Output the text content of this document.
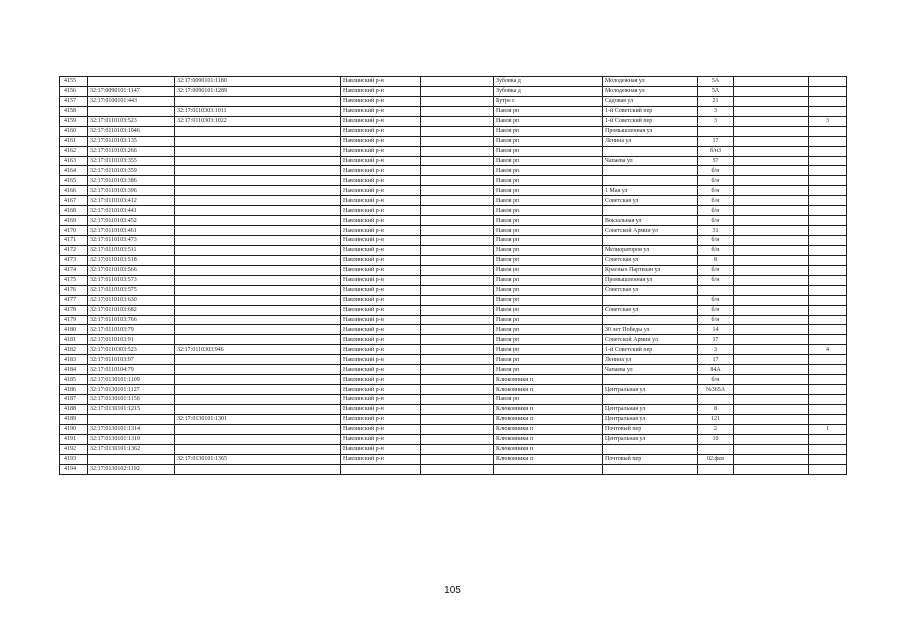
4155		32:17:0090101:1180	Навлинский р-н		Зубовка д	Молодежная ул	5А		
4156	32:17:0090101:1147	32:17:0090101:1289	Навлинский р-н		Зубовка д	Молодежная ул	5А		
4157	32:17:0100101:443		Навлинский р-н		Бутре с	Садовая ул	21		
4158		32:17:0110303:1011	Навлинский р-н		Навля рп	1-й Советский пер	3		
4159	32:17:0110103:523	32:17:0110303:1022	Навлинский р-н		Навля рп	1-й Советский пер	3		3
4160	32:17:0110103:1046		Навлинский р-н		Навля рп	Промышленная ул			
4161	32:17:0110103:135		Навлинский р-н		Навля рп	Ленина ул	17		
4162	32:17:0110103:266		Навлинский р-н		Навля рп		б/н3		
4163	32:17:0110103:355		Навлинский р-н		Навля рп	Чапаева ул	57		
4164	32:17:0110103:359		Навлинский р-н		Навля рп		б/н		
4165	32:17:0110103:386		Навлинский р-н		Навля рп		б/н		
4166	32:17:0110103:396		Навлинский р-н		Навля рп	1 Мая ул	б/н		
4167	32:17:0110103:412		Навлинский р-н		Навля рп	Советская ул	б/н		
4168	32:17:0110103:441		Навлинский р-н		Навля рп		б/н		
4169	32:17:0110103:452		Навлинский р-н		Навля рп	Вокзальная ул	б/н		
4170	32:17:0110103:461		Навлинский р-н		Навля рп	Советской Армии ул	31		
4171	32:17:0110103:473		Навлинский р-н		Навля рп		б/н		
4172	32:17:0110103:511		Навлинский р-н		Навля рп	Мелиораторов ул	б/н		
4173	32:17:0110103:518		Навлинский р-н		Навля рп	Советская ул	8		
4174	32:17:0110103:566		Навлинский р-н		Навля рп	Красных Партизан ул	б/н		
4175	32:17:0110103:573		Навлинский р-н		Навля рп	Промышленная ул	б/н		
4176	32:17:0110103:575		Навлинский р-н		Навля рп	Советская ул			
4177	32:17:0110103:630		Навлинский р-н		Навля рп		б/н		
4178	32:17:0110103:682		Навлинский р-н		Навля рп	Советская ул	б/н		
4179	32:17:0110103:766		Навлинский р-н		Навля рп		б/н		
4180	32:17:0110103:79		Навлинский р-н		Навля рп	30 лет Победы ул	14		
4181	32:17:0110103:91		Навлинский р-н		Навля рп	Советской Армии ул	17		
4182	32:17:0110303:523	32:17:0110303:946	Навлинский р-н		Навля рп	1-й Советский пер	3		4
4183	32:17:0110103:97		Навлинский р-н		Навля рп	Ленина ул	17		
4184	32:17:0110104:79		Навлинский р-н		Навля рп	Чапаева ул	84А		
4185	32:17:0130101:1109		Навлинский р-н		Клюковники п		б/н		
4186	32:17:0130101:1127		Навлинский р-н		Клюковники п	Центральная ул	№365А		
4187	32:17:0130101:1156		Навлинский р-н		Навля рп				
4188	32:17:0130101:1215		Навлинский р-н		Клюковники п	Центральная ул	8		
4189		32:17:0130101:1301	Навлинский р-н		Клюковники п	Центральная ул	121		
4190	32:17:0130101:1314		Навлинский р-н		Клюковники п	Почтовый пер	2		1
4191	32:17:0130101:1319		Навлинский р-н		Клюковники п	Центральная ул	10		
4192	32:17:0130101:1362		Навлинский р-н		Клюковники п				
4193		32:17:0130101:1365	Навлинский р-н		Клюковники п	Почтовый пер	02.фев		
4194	32:17:0130102:1192								
105
